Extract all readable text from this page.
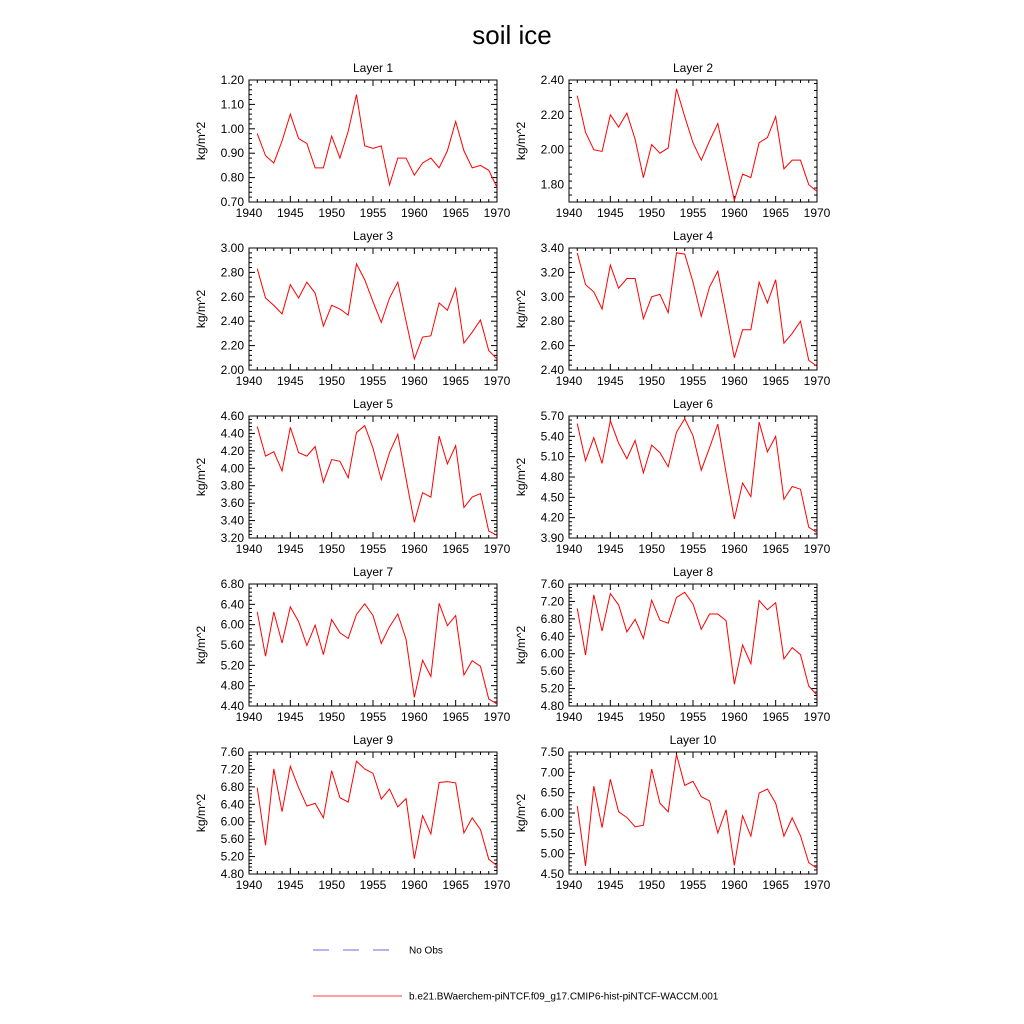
soil ice
Layer 1
kg/m^2
1940 1945 1950 1955 1960 1965 1970
0.70
0.80
0.90
1.00
1.10
1.20
Layer 2
kg/m^2
1940 1945 1950 1955 1960 1965 1970
1.80
2.00
2.20
2.40
Layer 3
kg/m^2
1940 1945 1950 1955 1960 1965 1970
2.00
2.20
2.40
2.60
2.80
3.00
Layer 4
kg/m^2
1940 1945 1950 1955 1960 1965 1970
2.40
2.60
2.80
3.00
3.20
3.40
Layer 5
kg/m^2
1940 1945 1950 1955 1960 1965 1970
3.20
3.40
3.60
3.80
4.00
4.20
4.40
4.60
Layer 6
kg/m^2
1940 1945 1950 1955 1960 1965 1970
3.90
4.20
4.50
4.80
5.10
5.40
5.70
Layer 7
kg/m^2
1940 1945 1950 1955 1960 1965 1970
4.40
4.80
5.20
5.60
6.00
6.40
6.80
Layer 8
kg/m^2
1940 1945 1950 1955 1960 1965 1970
4.80
5.20
5.60
6.00
6.40
6.80
7.20
7.60
Layer 9
kg/m^2
1940 1945 1950 1955 1960 1965 1970
4.80
5.20
5.60
6.00
6.40
6.80
7.20
7.60
Layer 10
kg/m^2
1940 1945 1950 1955 1960 1965 1970
4.50
5.00
5.50
6.00
6.50
7.00
7.50
No Obs
b.e21.BWaerchem-piNTCF.f09_g17.CMIP6-hist-piNTCF-WACCM.001
